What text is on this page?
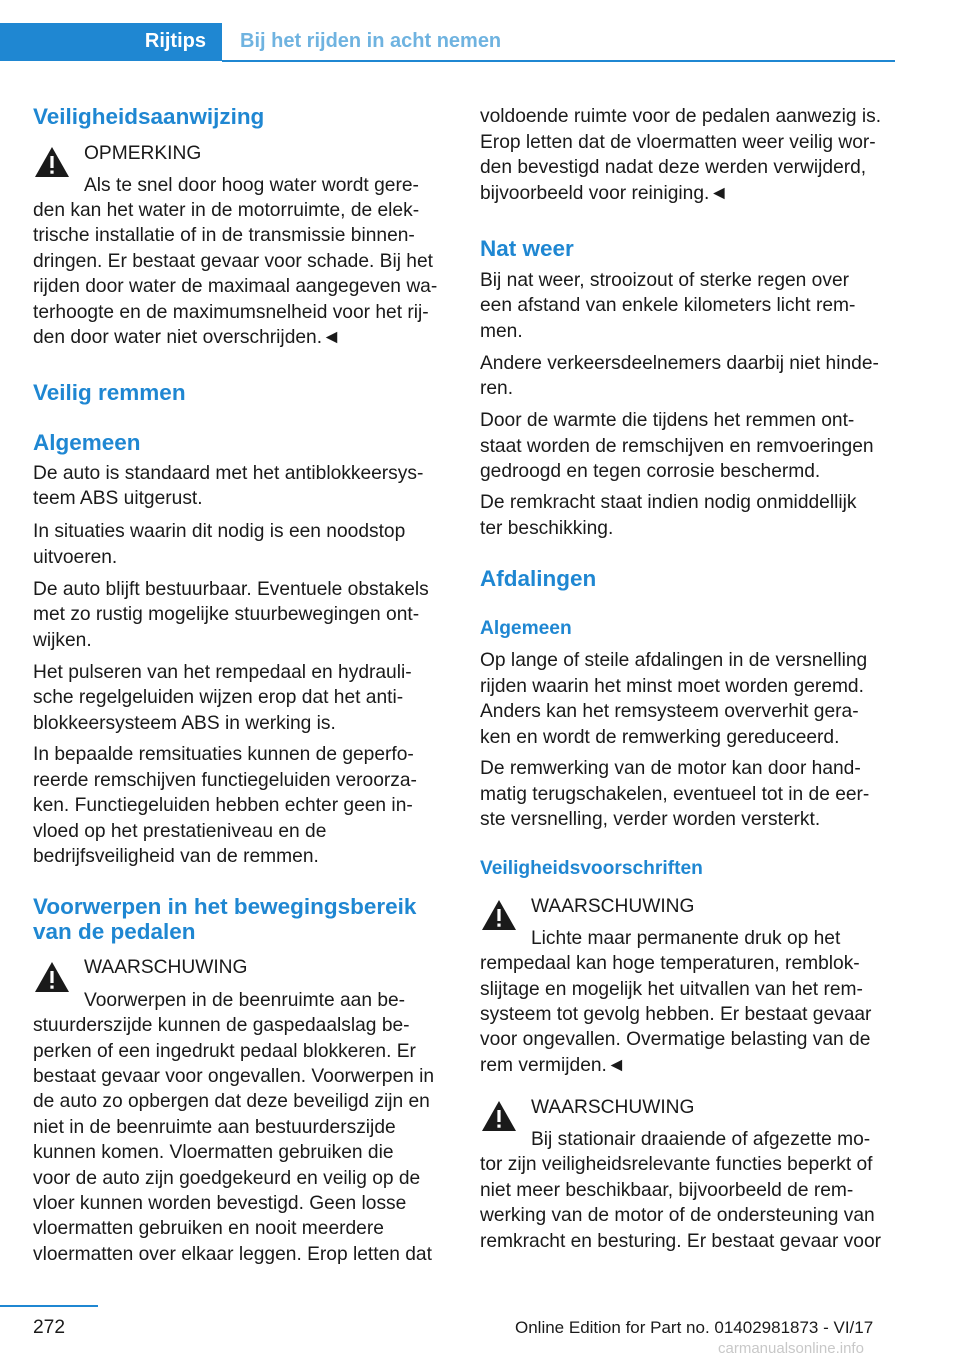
Rijtips Bij het rijden in acht nemen
Veiligheidsaanwijzing
OPMERKING
Als te snel door hoog water wordt gere-
den kan het water in de motorruimte, de elek-
trische installatie of in de transmissie binnen-
dringen. Er bestaat gevaar voor schade. Bij het
rijden door water de maximaal aangegeven wa-
terhoogte en de maximumsnelheid voor het rij-
den door water niet overschrijden.◄
Veilig remmen
Algemeen
De auto is standaard met het antiblokkeersys-
teem ABS uitgerust.
In situaties waarin dit nodig is een noodstop
uitvoeren.
De auto blijft bestuurbaar. Eventuele obstakels
met zo rustig mogelijke stuurbewegingen ont-
wijken.
Het pulseren van het rempedaal en hydrauli-
sche regelgeluiden wijzen erop dat het anti-
blokkeersysteem ABS in werking is.
In bepaalde remsituaties kunnen de geperfo-
reerde remschijven functiegeluiden veroorza-
ken. Functiegeluiden hebben echter geen in-
vloed op het prestatieniveau en de
bedrijfsveiligheid van de remmen.
Voorwerpen in het bewegingsbereik
van de pedalen
WAARSCHUWING
Voorwerpen in de beenruimte aan be-
stuurderszijde kunnen de gaspedaalslag be-
perken of een ingedrukt pedaal blokkeren. Er
bestaat gevaar voor ongevallen. Voorwerpen in
de auto zo opbergen dat deze beveiligd zijn en
niet in de beenruimte aan bestuurderszijde
kunnen komen. Vloermatten gebruiken die
voor de auto zijn goedgekeurd en veilig op de
vloer kunnen worden bevestigd. Geen losse
vloermatten gebruiken en nooit meerdere
vloermatten over elkaar leggen. Erop letten dat
voldoende ruimte voor de pedalen aanwezig is.
Erop letten dat de vloermatten weer veilig wor-
den bevestigd nadat deze werden verwijderd,
bijvoorbeeld voor reiniging.◄
Nat weer
Bij nat weer, strooizout of sterke regen over
een afstand van enkele kilometers licht rem-
men.
Andere verkeersdeelnemers daarbij niet hinde-
ren.
Door de warmte die tijdens het remmen ont-
staat worden de remschijven en remvoeringen
gedroogd en tegen corrosie beschermd.
De remkracht staat indien nodig onmiddellijk
ter beschikking.
Afdalingen
Algemeen
Op lange of steile afdalingen in de versnelling
rijden waarin het minst moet worden geremd.
Anders kan het remsysteem oververhit gera-
ken en wordt de remwerking gereduceerd.
De remwerking van de motor kan door hand-
matig terugschakelen, eventueel tot in de eer-
ste versnelling, verder worden versterkt.
Veiligheidsvoorschriften
WAARSCHUWING
Lichte maar permanente druk op het
rempedaal kan hoge temperaturen, remblok-
slijtage en mogelijk het uitvallen van het rem-
systeem tot gevolg hebben. Er bestaat gevaar
voor ongevallen. Overmatige belasting van de
rem vermijden.◄
WAARSCHUWING
Bij stationair draaiende of afgezette mo-
tor zijn veiligheidsrelevante functies beperkt of
niet meer beschikbaar, bijvoorbeeld de rem-
werking van de motor of de ondersteuning van
remkracht en besturing. Er bestaat gevaar voor
272	Online Edition for Part no. 01402981873 - VI/17
carmanualsonline.info
